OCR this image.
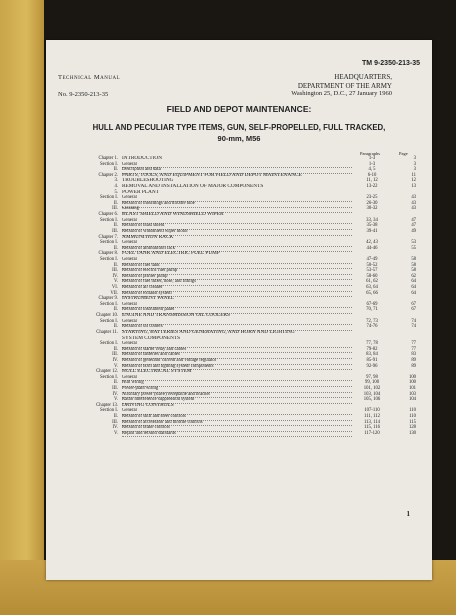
TM 9-2350-213-35
Technical Manual	HEADQUARTERS,
DEPARTMENT OF THE ARMY
No. 9-2350-213-35	Washington 25, D.C., 27 January 1960
FIELD AND DEPOT MAINTENANCE:
HULL AND PECULIAR TYPE ITEMS, GUN, SELF-PROPELLED, FULL TRACKED,
90-mm, M56
Paragraphs	Page
Chapter 1. INTRODUCTION	1-3	3
Section I. General	1-3	3
II. Description and data	4, 5	3
Chapter 2. PARTS, TOOLS, AND EQUIPMENT FOR FIELD AND DEPOT MAINTENANCE	6-10	11
3. TROUBLESHOOTING	11, 12	12
4. REMOVAL AND INSTALLATION OF MAJOR COMPONENTS	13-22	13
5. POWER PLANT
Section I. General	23-25	43
II. Rebuild of mountings and throttle tube	26-30	43
III. Cleaning	30-32	43
Chapter 6. BLAST SHIELD AND WINDSHIELD WIPER
Section I. General	33, 34	47
II. Rebuild of blast shield	35-38	47
III. Rebuild of windshield wiper motor	39-41	49
Chapter 7. AMMUNITION RACK
Section I. General	42, 43	53
II. Rebuild of ammunition rack	44-46	55
Chapter 8. FUEL TANK AND ELECTRIC FUEL PUMP
Section I. General	47-49	58
II. Rebuild of fuel tank	50-52	58
III. Rebuild of electric fuel pump	53-57	58
IV. Rebuild of primer pump	58-60	62
V. Rebuild of fuel tubes, hose, and fittings	61, 62	64
VI. Rebuild of air cleaner	63, 64	64
VII. Rebuild of exhaust system	65, 66	64
Chapter 9. INSTRUMENT PANEL
Section I. General	67-69	67
II. Rebuild of instrument panel	70, 71	67
Chapter 10. ENGINE AND TRANSMISSION OIL COOLERS
Section I. General	72, 73	74
II. Rebuild of oil coolers	74-76	74
Chapter 11. STARTING, BATTERIES AND GENERATING, AND HORN AND LIGHTING
SYSTEM COMPONENTS
Section I. General	77, 78	77
II. Rebuild of starter relay and cables	79-82	77
III. Rebuild of batteries and cables	83, 84	83
IV. Rebuild of generator current and voltage regulator	85-91	89
V. Rebuild of horn and lighting system components	92-96	89
Chapter 12. HULL ELECTRICAL SYSTEM
Section I. General	97, 98	100
II. Hull wiring	99, 100	100
III. Power-plant wiring	101, 102	101
IV. Auxiliary power (slave) receptacle and bracket	103, 104	103
V. Radio interference suppression system	105, 106	104
Chapter 13. DRIVING CONTROLS
Section I. General	107-110	110
II. Rebuild of shift and steer controls	111, 112	110
III. Rebuild of accelerator and throttle controls	113, 114	115
IV. Rebuild of brake controls	115, 116	128
V. Repair and rebuild standards	117-120	130
1
